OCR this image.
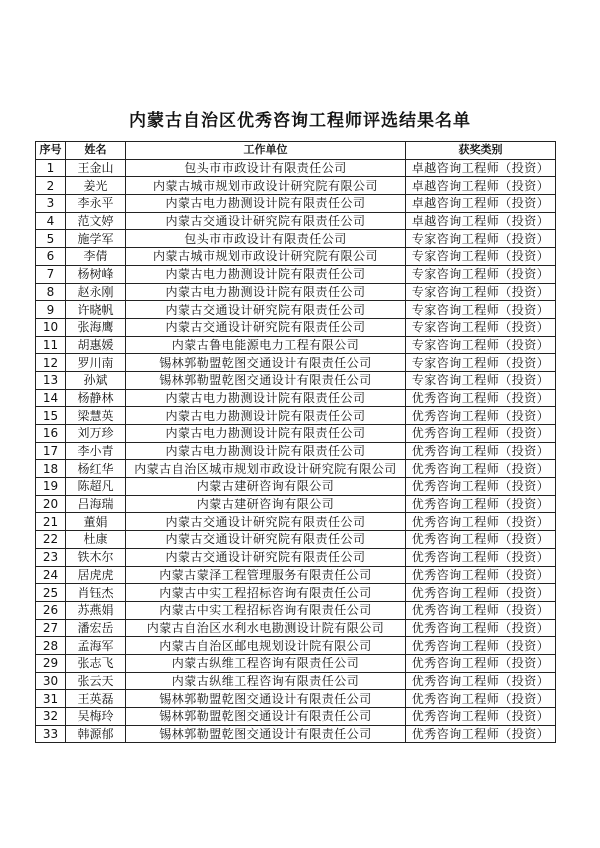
内蒙古自治区优秀咨询工程师评选结果名单
序号	姓名	工作单位	获奖类别
1	王金山	包头市市政设计有限责任公司	卓越咨询工程师（投资）
2	姜光	内蒙古城市规划市政设计研究院有限公司	卓越咨询工程师（投资）
3	李永平	内蒙古电力勘测设计院有限责任公司	卓越咨询工程师（投资）
4	范文婷	内蒙古交通设计研究院有限责任公司	卓越咨询工程师（投资）
5	施学军	包头市市政设计有限责任公司	专家咨询工程师（投资）
6	李倩	内蒙古城市规划市政设计研究院有限公司	专家咨询工程师（投资）
7	杨树峰	内蒙古电力勘测设计院有限责任公司	专家咨询工程师（投资）
8	赵永刚	内蒙古电力勘测设计院有限责任公司	专家咨询工程师（投资）
9	许晓帆	内蒙古交通设计研究院有限责任公司	专家咨询工程师（投资）
10	张海鹰	内蒙古交通设计研究院有限责任公司	专家咨询工程师（投资）
11	胡惠媛	内蒙古鲁电能源电力工程有限公司	专家咨询工程师（投资）
12	罗川南	锡林郭勒盟乾图交通设计有限责任公司	专家咨询工程师（投资）
13	孙斌	锡林郭勒盟乾图交通设计有限责任公司	专家咨询工程师（投资）
14	杨静林	内蒙古电力勘测设计院有限责任公司	优秀咨询工程师（投资）
15	梁慧英	内蒙古电力勘测设计院有限责任公司	优秀咨询工程师（投资）
16	刘万珍	内蒙古电力勘测设计院有限责任公司	优秀咨询工程师（投资）
17	李小青	内蒙古电力勘测设计院有限责任公司	优秀咨询工程师（投资）
18	杨红华	内蒙古自治区城市规划市政设计研究院有限公司	优秀咨询工程师（投资）
19	陈超凡	内蒙古建研咨询有限公司	优秀咨询工程师（投资）
20	吕海瑞	内蒙古建研咨询有限公司	优秀咨询工程师（投资）
21	董娟	内蒙古交通设计研究院有限责任公司	优秀咨询工程师（投资）
22	杜康	内蒙古交通设计研究院有限责任公司	优秀咨询工程师（投资）
23	铁木尔	内蒙古交通设计研究院有限责任公司	优秀咨询工程师（投资）
24	居虎虎	内蒙古蒙泽工程管理服务有限责任公司	优秀咨询工程师（投资）
25	肖钰杰	内蒙古中实工程招标咨询有限责任公司	优秀咨询工程师（投资）
26	苏燕娟	内蒙古中实工程招标咨询有限责任公司	优秀咨询工程师（投资）
27	潘宏岳	内蒙古自治区水利水电勘测设计院有限公司	优秀咨询工程师（投资）
28	孟海军	内蒙古自治区邮电规划设计院有限公司	优秀咨询工程师（投资）
29	张志飞	内蒙古纵维工程咨询有限责任公司	优秀咨询工程师（投资）
30	张云天	内蒙古纵维工程咨询有限责任公司	优秀咨询工程师（投资）
31	王英磊	锡林郭勒盟乾图交通设计有限责任公司	优秀咨询工程师（投资）
32	吴梅玲	锡林郭勒盟乾图交通设计有限责任公司	优秀咨询工程师（投资）
33	韩源郁	锡林郭勒盟乾图交通设计有限责任公司	优秀咨询工程师（投资）
